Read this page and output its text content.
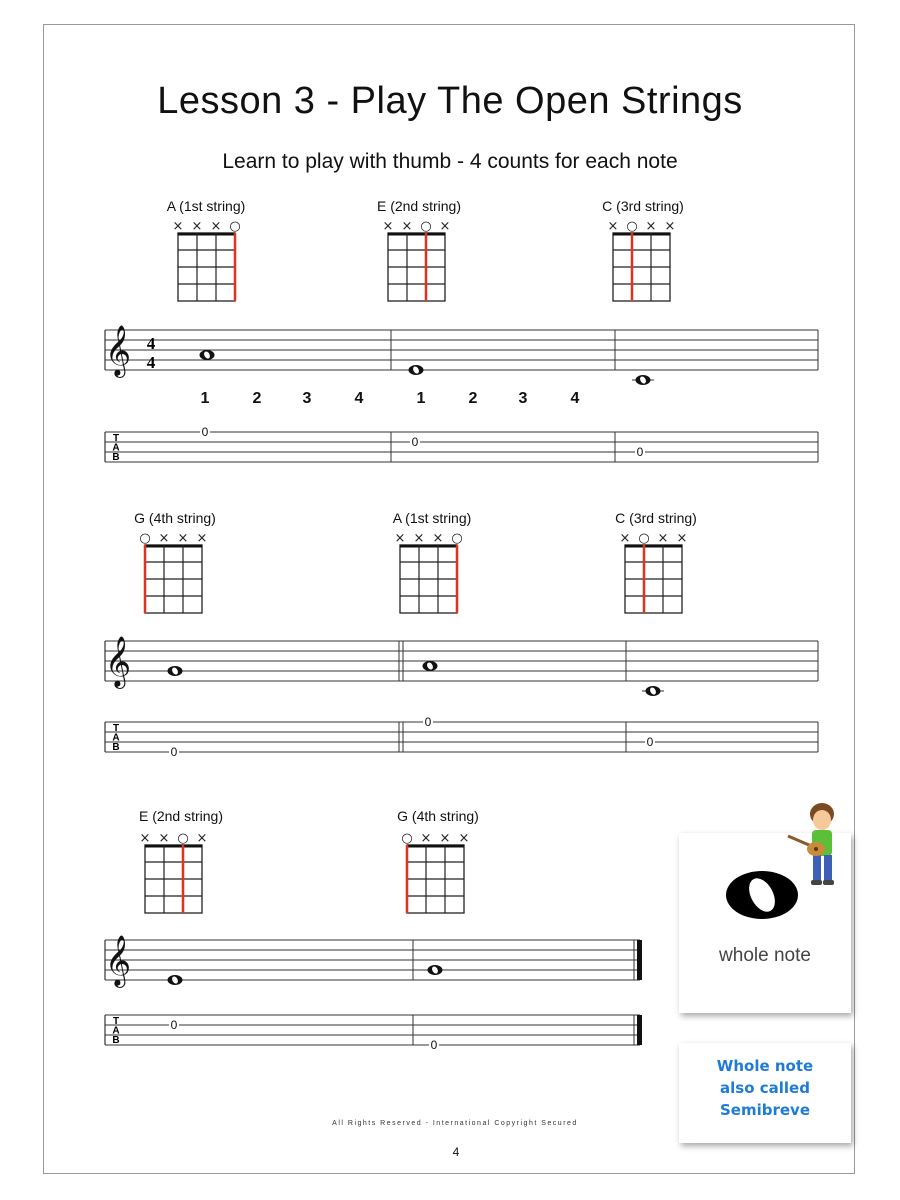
Lesson 3 - Play The Open Strings
Learn to play with thumb - 4 counts for each note
A (1st string)	E (2nd string)	C (3rd string)
G (4th string)	A (1st string)	C (3rd string)
E (2nd string)	G (4th string)
× × × ○	× × ○ ×	× ○ × ×
○ × × ×	× × × ○	× ○ × ×
× × ○ ×	○ × × ×
𝄞 4
4
T
A
B
0
0
0
𝄞
T
A
B	0
0
0
𝄞
T
A
B
0
0
1	2	3	4	1	2	3	4
whole note
Whole note
also called
Semibreve
All Rights Reserved - International Copyright Secured
4
